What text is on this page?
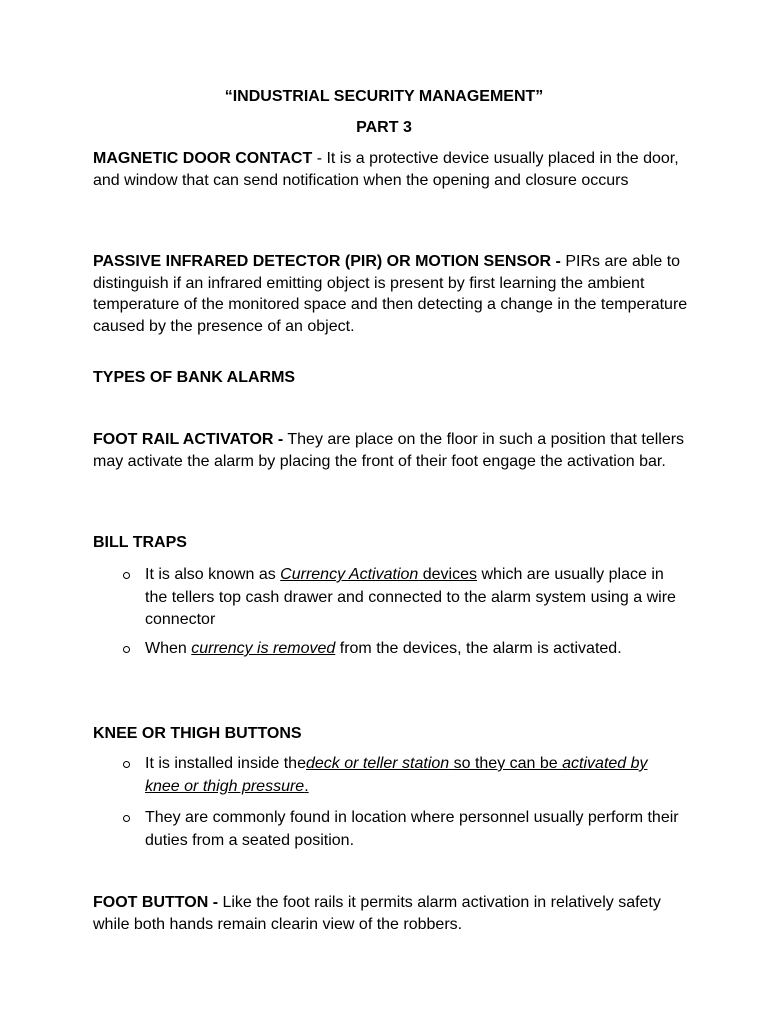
“INDUSTRIAL SECURITY MANAGEMENT”
PART 3
MAGNETIC DOOR CONTACT - It is a protective device usually placed in the door, and window that can send notification when the opening and closure occurs
PASSIVE INFRARED DETECTOR (PIR) OR MOTION SENSOR - PIRs are able to distinguish if an infrared emitting object is present by first learning the ambient temperature of the monitored space and then detecting a change in the temperature caused by the presence of an object.
TYPES OF BANK ALARMS
FOOT RAIL ACTIVATOR - They are place on the floor in such a position that tellers may activate the alarm by placing the front of their foot engage the activation bar.
BILL TRAPS
It is also known as Currency Activation devices which are usually place in the tellers top cash drawer and connected to the alarm system using a wire connector
When currency is removed from the devices, the alarm is activated.
KNEE OR THIGH BUTTONS
It is installed inside thedeck or teller station so they can be activated by knee or thigh pressure.
They are commonly found in location where personnel usually perform their duties from a seated position.
FOOT BUTTON - Like the foot rails it permits alarm activation in relatively safety while both hands remain clearin view of the robbers.
